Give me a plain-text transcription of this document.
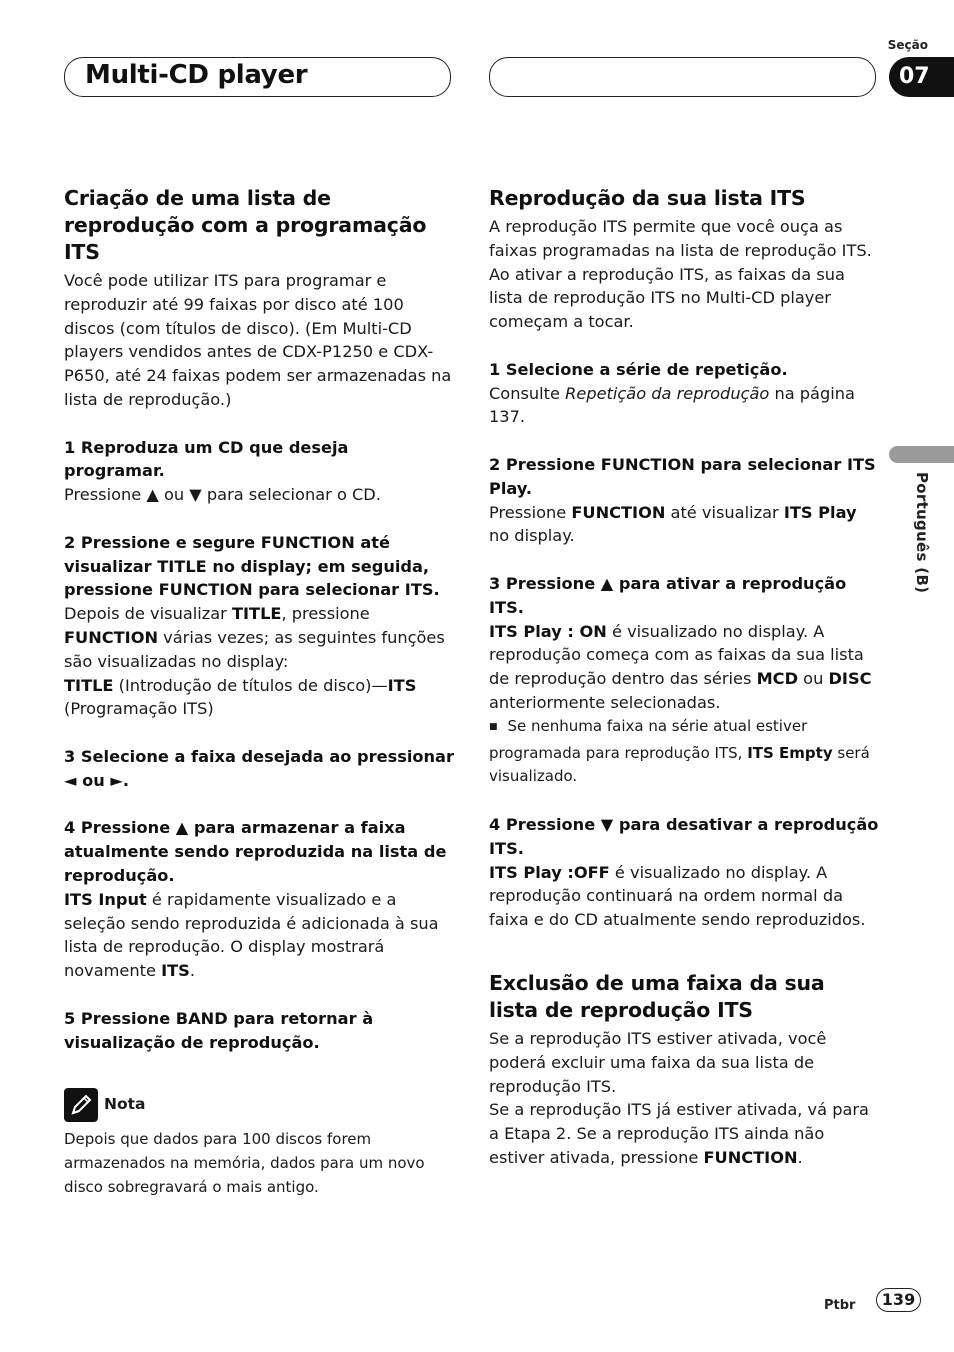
Multi-CD player
Seção
07
Português (B)
Criação de uma lista de reprodução com a programação ITS

Você pode utilizar ITS para programar e reproduzir até 99 faixas por disco até 100 discos (com títulos de disco). (Em Multi-CD players vendidos antes de CDX-P1250 e CDX-P650, até 24 faixas podem ser armazenadas na lista de reprodução.)

1 Reproduza um CD que deseja programar.

Pressione ▲ ou ▼ para selecionar o CD.

2 Pressione e segure FUNCTION até visualizar TITLE no display; em seguida, pressione FUNCTION para selecionar ITS.

Depois de visualizar TITLE, pressione FUNCTION várias vezes; as seguintes funções são visualizadas no display:
TITLE (Introdução de títulos de disco)—ITS
(Programação ITS)

3 Selecione a faixa desejada ao pressionar ◄ ou ►.

4 Pressione ▲ para armazenar a faixa atualmente sendo reproduzida na lista de reprodução.

ITS Input é rapidamente visualizado e a seleção sendo reproduzida é adicionada à sua lista de reprodução. O display mostrará novamente ITS.

5 Pressione BAND para retornar à visualização de reprodução.

Nota

Depois que dados para 100 discos forem armazenados na memória, dados para um novo disco sobregravará o mais antigo.

Reprodução da sua lista ITS

A reprodução ITS permite que você ouça as faixas programadas na lista de reprodução ITS. Ao ativar a reprodução ITS, as faixas da sua lista de reprodução ITS no Multi-CD player começam a tocar.

1 Selecione a série de repetição.

Consulte Repetição da reprodução na página 137.

2 Pressione FUNCTION para selecionar ITS Play.

Pressione FUNCTION até visualizar ITS Play no display.

3 Pressione ▲ para ativar a reprodução ITS.

ITS Play : ON é visualizado no display. A reprodução começa com as faixas da sua lista de reprodução dentro das séries MCD ou DISC anteriormente selecionadas.

■ Se nenhuma faixa na série atual estiver programada para reprodução ITS, ITS Empty será visualizado.

4 Pressione ▼ para desativar a reprodução ITS.

ITS Play :OFF é visualizado no display. A reprodução continuará na ordem normal da faixa e do CD atualmente sendo reproduzidos.

Exclusão de uma faixa da sua lista de reprodução ITS

Se a reprodução ITS estiver ativada, você poderá excluir uma faixa da sua lista de reprodução ITS.

Se a reprodução ITS já estiver ativada, vá para a Etapa 2. Se a reprodução ITS ainda não estiver ativada, pressione FUNCTION.

Ptbr	139
